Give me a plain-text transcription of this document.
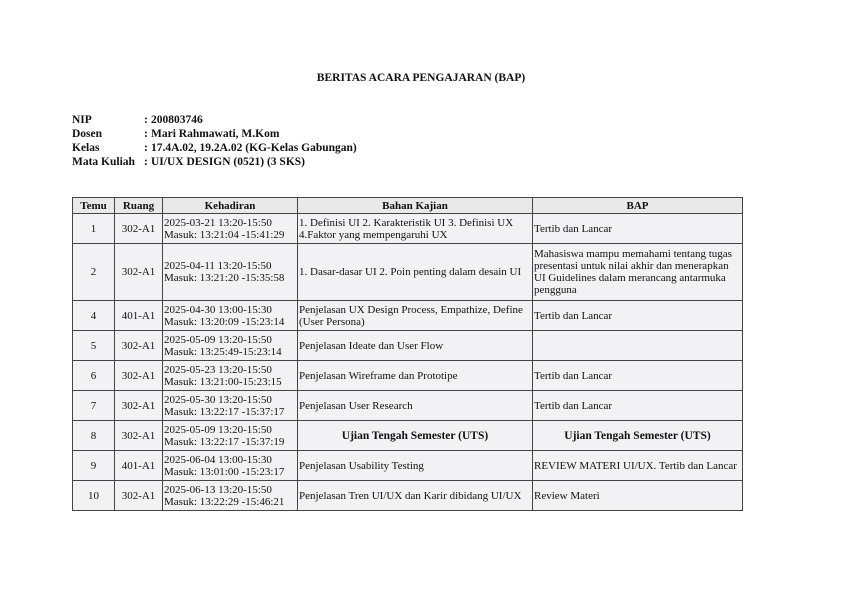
BERITAS ACARA PENGAJARAN (BAP)
NIP	: 200803746
Dosen	: Mari Rahmawati, M.Kom
Kelas	: 17.4A.02, 19.2A.02 (KG-Kelas Gabungan)
Mata Kuliah : UI/UX DESIGN (0521) (3 SKS)
Temu	Ruang	Kehadiran	Bahan Kajian	BAP
1	302-A1	2025-03-21 13:20-15:50
Masuk: 13:21:04 -15:41:29	1. Definisi UI 2. Karakteristik UI 3. Definisi UX 4.Faktor yang mempengaruhi UX	Tertib dan Lancar
2	302-A1	2025-04-11 13:20-15:50
Masuk: 13:21:20 -15:35:58	1. Dasar-dasar UI 2. Poin penting dalam desain UI	Mahasiswa mampu memahami tentang tugas presentasi untuk nilai akhir dan menerapkan UI Guidelines dalam merancang antarmuka pengguna
4	401-A1	2025-04-30 13:00-15:30
Masuk: 13:20:09 -15:23:14	Penjelasan UX Design Process, Empathize, Define (User Persona)	Tertib dan Lancar
5	302-A1	2025-05-09 13:20-15:50
Masuk: 13:25:49-15:23:14	Penjelasan Ideate dan User Flow	
6	302-A1	2025-05-23 13:20-15:50
Masuk: 13:21:00-15:23:15	Penjelasan Wireframe dan Prototipe	Tertib dan Lancar
7	302-A1	2025-05-30 13:20-15:50
Masuk: 13:22:17 -15:37:17	Penjelasan User Research	Tertib dan Lancar
8	302-A1	2025-05-09 13:20-15:50
Masuk: 13:22:17 -15:37:19	Ujian Tengah Semester (UTS)	Ujian Tengah Semester (UTS)
9	401-A1	2025-06-04 13:00-15:30
Masuk: 13:01:00 -15:23:17	Penjelasan Usability Testing	REVIEW MATERI UI/UX. Tertib dan Lancar
10	302-A1	2025-06-13 13:20-15:50
Masuk: 13:22:29 -15:46:21	Penjelasan Tren UI/UX dan Karir dibidang UI/UX	Review Materi
